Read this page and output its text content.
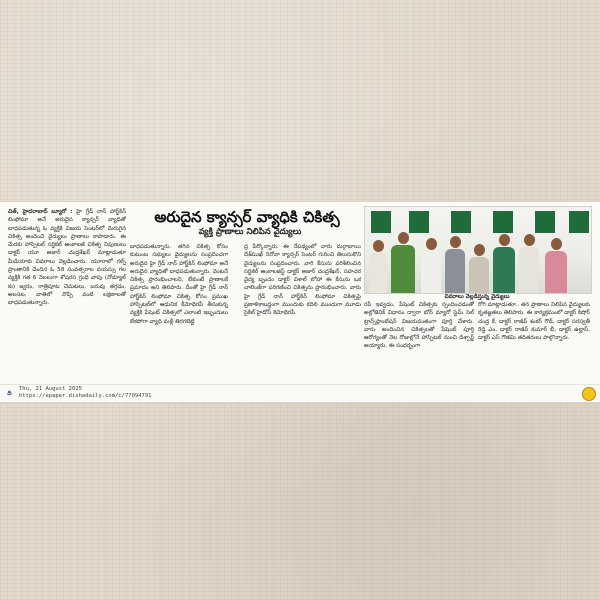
చిత్, హైదరాబాద్ బ్యూరో : హై గ్రేడ్ నాన్ హార్జ్‌కిన్ లింఫోమా అనే అరుదైన క్యాన్సర్ వ్యాధితో బాధపడుతున్న ఓ వ్యక్తికి విజయ సెంటర్‌లో మెరుగైన చికిత్స అందించి వైద్యులు ప్రాణాలు కాపాడారు. ఈ మేరకు హాస్పిటల్ సర్జికల్ ఆంకాలజీ చికిత్స నిపుణులు డాక్టర్ యూ అజార్ చంద్రశేఖర్ మాట్లాడుతూ మీడియాకు వివరాలు వెల్లడించారు. యూరాలో గల్ఫ్ ప్రాంతానికి చెందిన ఓ 58 సంవత్సరాల వయస్సు గల వ్యక్తికి గత 6 నెలలుగా శోషరస గ్రంధి వాపు (నోడ్యూల్ కు) జ్వరం, రాత్రిపూట చెమటలు, బరువు తగ్గడం, అలసట, వాతిలో నొప్పి వంటి లక్షణాలతో బాధపడుతున్నారు.

అరుదైన క్యాన్సర్ వ్యాధికి చికిత్స
వ్యక్తి ప్రాణాలు నిలిపిన వైద్యులు

బాధపడుతున్నారు. తగిన చికిత్స కోసం కుటుంబ సభ్యులు వైద్యులను సంప్రదించగా అరుదైన హై గ్రేడ్ నాన్ హార్జ్‌కిన్ లింఫోమా అనే అరుదైన వ్యాధితో బాధపడుతున్నారు. వెంటనే చికిత్స ప్రారంభించాలని, లేకుంటే ప్రాణాలకే ప్రమాదం అని తెలిపారు. దీంతో హై గ్రేడ్ నాన్ హార్జ్‌కిన్ లింఫోమా చికిత్స కోసం ప్రముఖ హాస్పిటల్‌లో ఆధునిక కీమోథెరపీ తీసుకున్న వ్యక్తికి పేషెంట్ చికిత్సలో ఎలాంటి ఇబ్బందులు లేకపోగా వ్యాధి మళ్లీ తిరగబెట్టి

ద్ర పేర్కొన్నారు. ఈ నేపథ్యంలో వారు దుర్గాబాయి దేశ్‌ముఖ్ రెనోవా క్యాన్సర్ సెంటర్ గురించి తెలుసుకొని వైద్యులను సంప్రదించారు. వారి కేసును పరిశీలించిన సర్జికల్ ఆంకాలజిస్ట్ డాక్టర్ అజార్ చంద్రశేఖర్, సహచర వైద్య బృందం డాక్టర్ విశాల్ లోహా ఈ కేసును ఒక చాలెంజ్‌గా పరిగణించి చికిత్సను ప్రారంభించారు. వారు హై గ్రేడ్ నాన్ హార్జ్‌కిన్ లింఫోమా చికిత్సపై ప్రణాళికాబద్ధంగా ముందుకు కదిలి ముందుగా మూడు సైకిల్ హైడోస్ కెమోథెరపీ

వివరాలు వెల్లడిస్తున్న వైద్యులు

రపీ ఇవ్వడం, పేషెంట్ చికిత్సకు స్పందించడంతో అల్లోజెనిక్ విధానం ద్వారా బోన్ మ్యారో స్టెమ్ సెల్ ట్రాన్స్‌ప్లాంటేషన్ విజయవంతంగా పూర్తి చేశారు. వారు అందించిన చికిత్సలతో పేషెంట్ పూర్తి ఆరోగ్యంతో నెల రోజుల్లోనే హాస్పిటల్ నుంచి డిశ్చార్జ్ అయ్యారు. ఈ సందర్భంగా

రోగి మాట్లాడుతూ.. తన ప్రాణాలు నిలిపిన వైద్యులకు కృతజ్ఞతలు తెలిపారు. ఈ కార్యక్రమంలో డాక్టర్ కిషోర్ చంద్ర కే, డాక్టర్ రాజీవ్ శంకర్ గౌడ్, డాక్టర్ సరస్వతీ రెడ్డి ఎం, డాక్టర్ రాజీవ్ కుమార్ బీ, డాక్టర్ ఉల్హాస్, డాక్టర్ ఎస్ గౌతమి తదితరులు పాల్గొన్నారు.

ది
Thu, 21 August 2025
https://epaper.dishadaily.com/c/77094791
